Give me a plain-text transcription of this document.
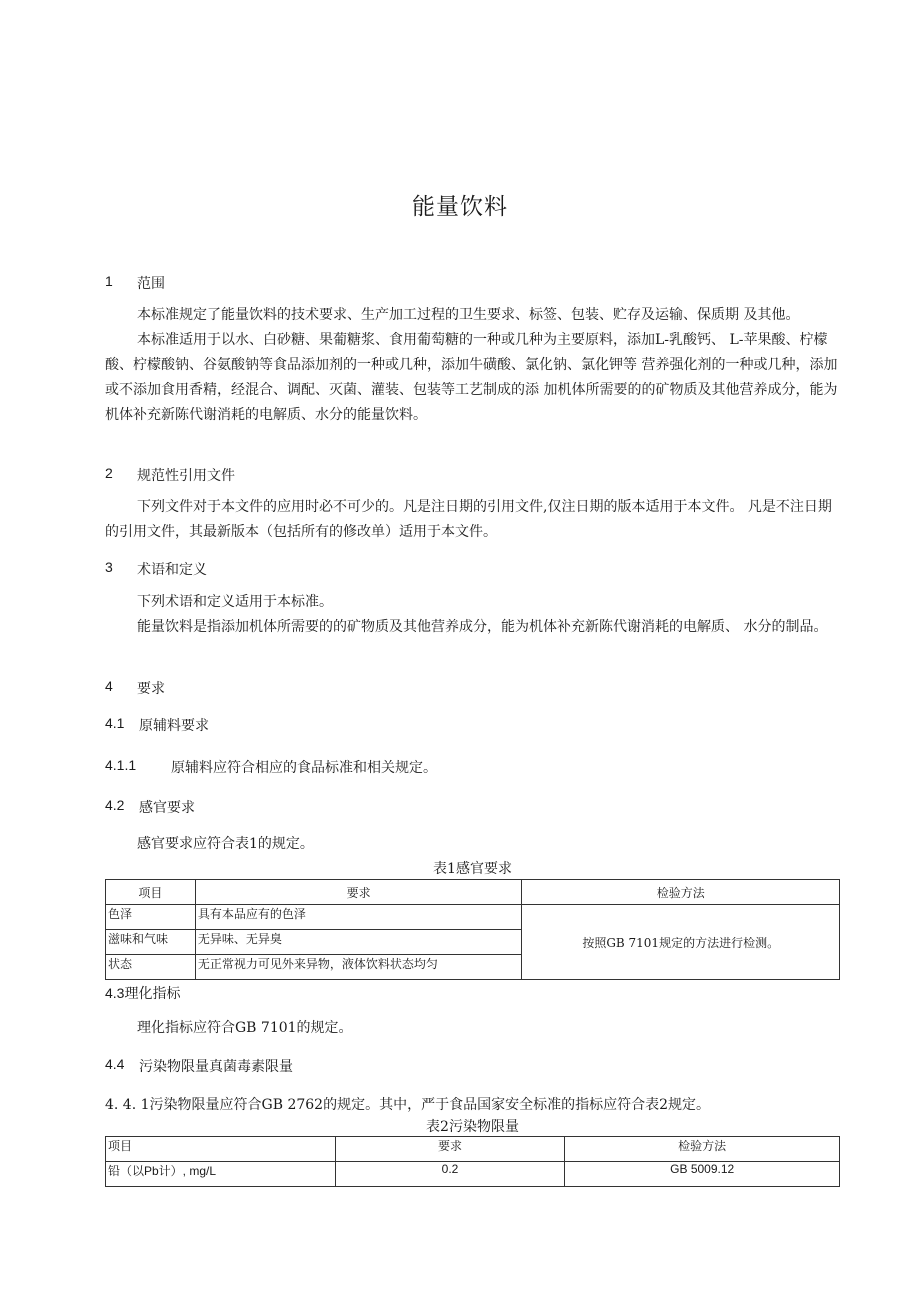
能量饮料
1 范围

本标准规定了能量饮料的技术要求、生产加工过程的卫生要求、标签、包装、贮存及运输、保质期 及其他。

本标准适用于以水、白砂糖、果葡糖浆、食用葡萄糖的一种或几种为主要原料，添加L-乳酸钙、 L-苹果酸、柠檬酸、柠檬酸钠、谷氨酸钠等食品添加剂的一种或几种，添加牛磺酸、氯化钠、氯化钾等 营养强化剂的一种或几种，添加或不添加食用香精，经混合、调配、灭菌、灌装、包装等工艺制成的添 加机体所需要的的矿物质及其他营养成分，能为机体补充新陈代谢消耗的电解质、水分的能量饮料。

2 规范性引用文件

下列文件对于本文件的应用时必不可少的。凡是注日期的引用文件,仅注日期的版本适用于本文件。 凡是不注日期的引用文件，其最新版本（包括所有的修改单）适用于本文件。

3 术语和定义

下列术语和定义适用于本标准。

能量饮料是指添加机体所需要的的矿物质及其他营养成分，能为机体补充新陈代谢消耗的电解质、 水分的制品。

4 要求
4.1 原辅料要求
4.1.1 原辅料应符合相应的食品标准和相关规定。
4.2 感官要求
感官要求应符合表1的规定。
表1感官要求
项目	要求	检验方法
色泽	具有本品应有的色泽	按照GB 7101规定的方法进行检测。
滋味和气味	无异味、无异臭	
状态	无正常视力可见外来异物，液体饮料状态均匀	
4.3理化指标
理化指标应符合GB 7101的规定。
4.4 污染物限量真菌毒素限量
4. 4. 1污染物限量应符合GB 2762的规定。其中，严于食品国家安全标准的指标应符合表2规定。
表2污染物限量
项目	要求	检验方法
铅（以Pb计）, mg/L	0.2	GB 5009.12
